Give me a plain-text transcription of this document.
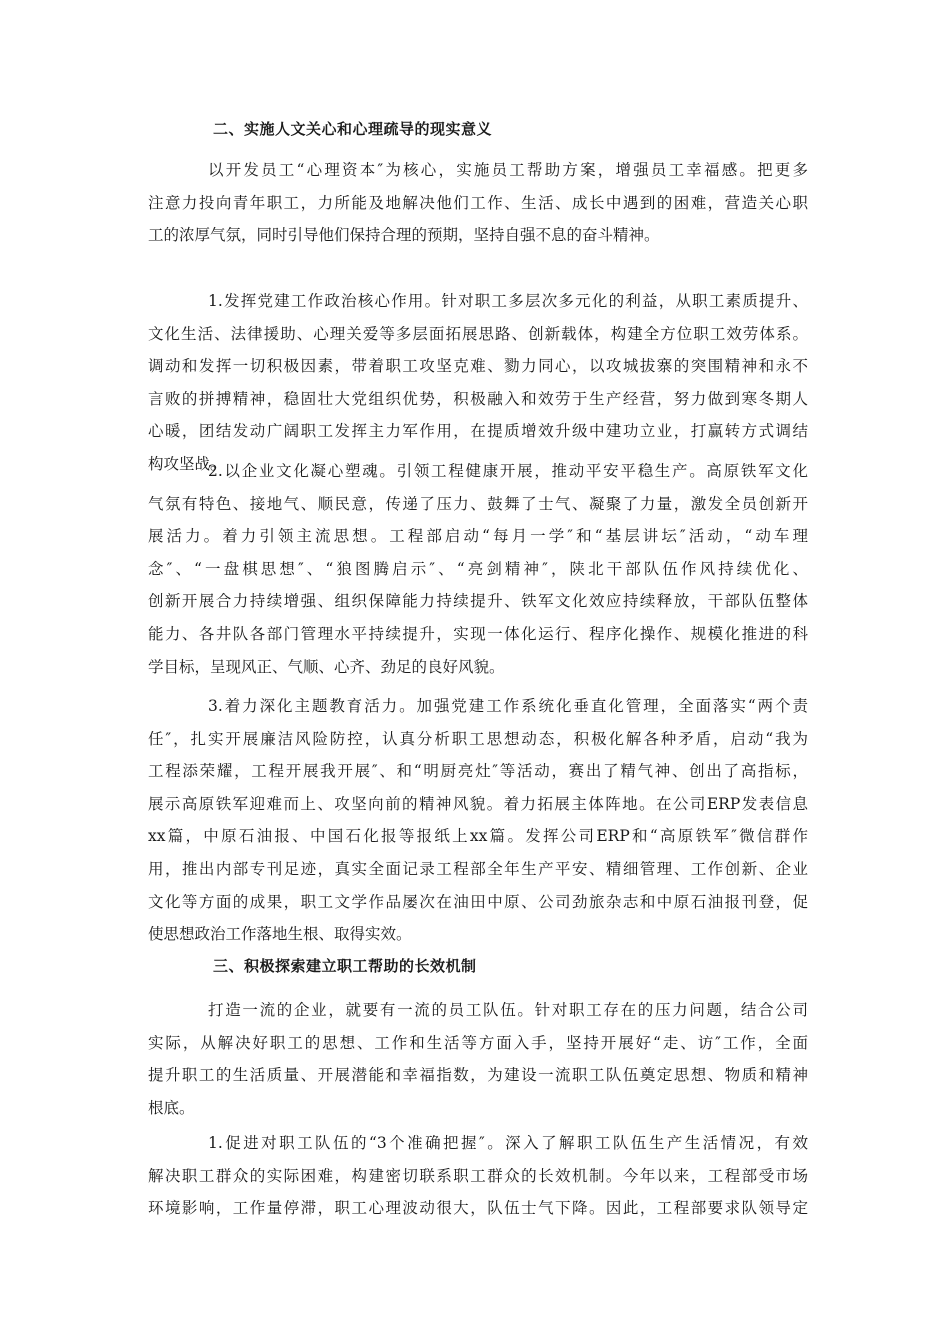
二、实施人文关心和心理疏导的现实意义
以开发员工“心理资本″为核心，实施员工帮助方案，增强员工幸福感。把更多
注意力投向青年职工，力所能及地解决他们工作、生活、成长中遇到的困难，营造关心职
工的浓厚气氛，同时引导他们保持合理的预期，坚持自强不息的奋斗精神。
1.发挥党建工作政治核心作用。针对职工多层次多元化的利益，从职工素质提升、
文化生活、法律援助、心理关爱等多层面拓展思路、创新载体，构建全方位职工效劳体系。
调动和发挥一切积极因素，带着职工攻坚克难、勠力同心，以攻城拔寨的突围精神和永不
言败的拼搏精神，稳固壮大党组织优势，积极融入和效劳于生产经营，努力做到寒冬期人
心暖，团结发动广阔职工发挥主力军作用，在提质增效升级中建功立业，打赢转方式调结
构攻坚战。
2.以企业文化凝心塑魂。引领工程健康开展，推动平安平稳生产。高原铁军文化
气氛有特色、接地气、顺民意，传递了压力、鼓舞了士气、凝聚了力量，激发全员创新开
展活力。着力引领主流思想。工程部启动“每月一学″和“基层讲坛″活动，“动车理
念″、“一盘棋思想″、“狼图腾启示″、“亮剑精神″，陕北干部队伍作风持续优化、
创新开展合力持续增强、组织保障能力持续提升、铁军文化效应持续释放，干部队伍整体
能力、各井队各部门管理水平持续提升，实现一体化运行、程序化操作、规模化推进的科
学目标，呈现风正、气顺、心齐、劲足的良好风貌。
3.着力深化主题教育活力。加强党建工作系统化垂直化管理，全面落实“两个责
任″，扎实开展廉洁风险防控，认真分析职工思想动态，积极化解各种矛盾，启动“我为
工程添荣耀，工程开展我开展″、和“明厨亮灶″等活动，赛出了精气神、创出了高指标，
展示高原铁军迎难而上、攻坚向前的精神风貌。着力拓展主体阵地。在公司ERP发表信息
xx篇，中原石油报、中国石化报等报纸上xx篇。发挥公司ERP和“高原铁军″微信群作
用，推出内部专刊足迹，真实全面记录工程部全年生产平安、精细管理、工作创新、企业
文化等方面的成果，职工文学作品屡次在油田中原、公司劲旅杂志和中原石油报刊登，促
使思想政治工作落地生根、取得实效。
三、积极探索建立职工帮助的长效机制
打造一流的企业，就要有一流的员工队伍。针对职工存在的压力问题，结合公司
实际，从解决好职工的思想、工作和生活等方面入手，坚持开展好“走、访″工作，全面
提升职工的生活质量、开展潜能和幸福指数，为建设一流职工队伍奠定思想、物质和精神
根底。
1.促进对职工队伍的“3个准确把握″。深入了解职工队伍生产生活情况，有效
解决职工群众的实际困难，构建密切联系职工群众的长效机制。今年以来，工程部受市场
环境影响，工作量停滞，职工心理波动很大，队伍士气下降。因此，工程部要求队领导定
